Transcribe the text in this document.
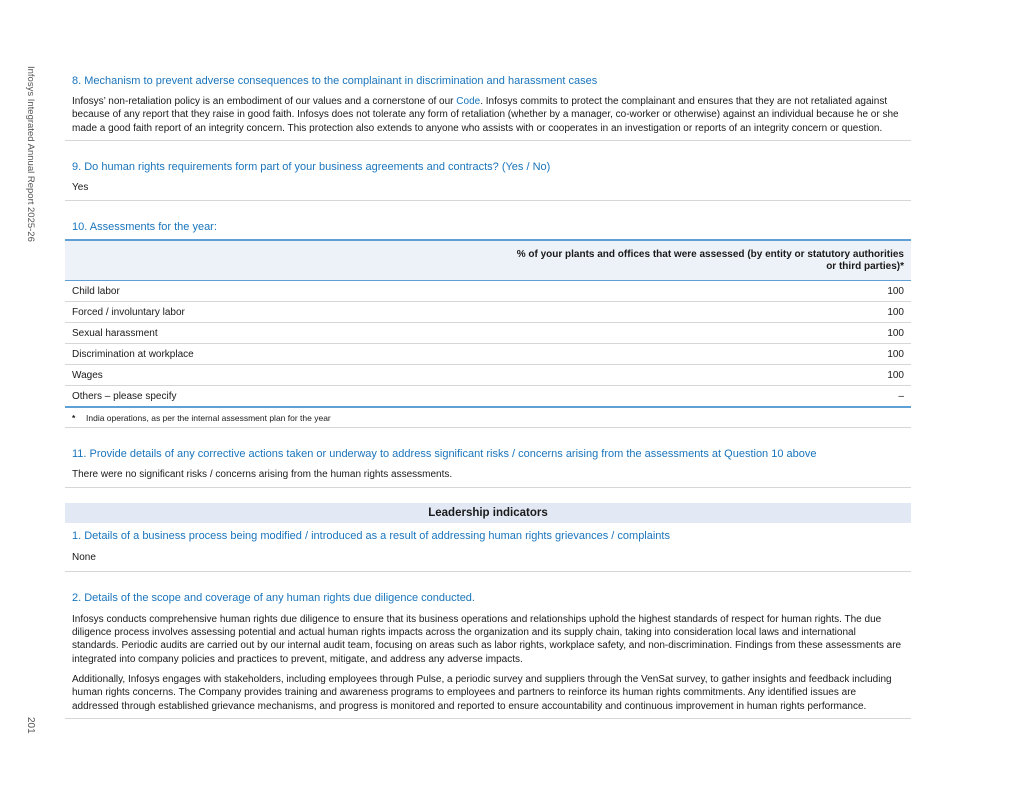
Infosys Integrated Annual Report 2025-26
201

8. Mechanism to prevent adverse consequences to the complainant in discrimination and harassment cases

Infosys’ non-retaliation policy is an embodiment of our values and a cornerstone of our Code. Infosys commits to protect the complainant and ensures that they are not retaliated against because of any report that they raise in good faith. Infosys does not tolerate any form of retaliation (whether by a manager, co-worker or otherwise) against an individual because he or she made a good faith report of an integrity concern. This protection also extends to anyone who assists with or cooperates in an investigation or reports of an integrity concern or question.

9. Do human rights requirements form part of your business agreements and contracts? (Yes / No)

Yes

10. Assessments for the year:

	% of your plants and offices that were assessed (by entity or statutory authorities or third parties)*
Child labor	100
Forced / involuntary labor	100
Sexual harassment	100
Discrimination at workplace	100
Wages	100
Others – please specify	–
* India operations, as per the internal assessment plan for the year

11. Provide details of any corrective actions taken or underway to address significant risks / concerns arising from the assessments at Question 10 above

There were no significant risks / concerns arising from the human rights assessments.

Leadership indicators

1. Details of a business process being modified / introduced as a result of addressing human rights grievances / complaints

None

2. Details of the scope and coverage of any human rights due diligence conducted.

Infosys conducts comprehensive human rights due diligence to ensure that its business operations and relationships uphold the highest standards of respect for human rights. The due diligence process involves assessing potential and actual human rights impacts across the organization and its supply chain, taking into consideration local laws and international standards. Periodic audits are carried out by our internal audit team, focusing on areas such as labor rights, workplace safety, and non-discrimination. Findings from these assessments are integrated into company policies and practices to prevent, mitigate, and address any adverse impacts.

Additionally, Infosys engages with stakeholders, including employees through Pulse, a periodic survey and suppliers through the VenSat survey, to gather insights and feedback including human rights concerns. The Company provides training and awareness programs to employees and partners to reinforce its human rights commitments. Any identified issues are addressed through established grievance mechanisms, and progress is monitored and reported to ensure accountability and continuous improvement in human rights performance.
